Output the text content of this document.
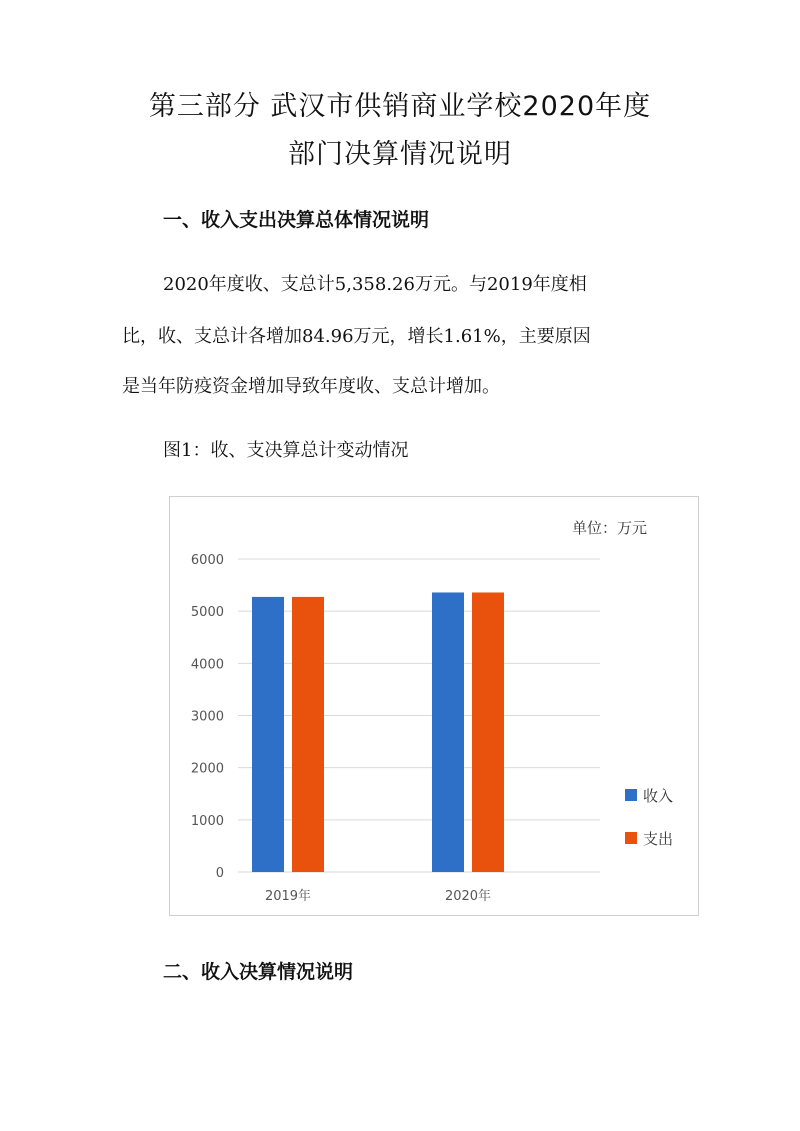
第三部分 武汉市供销商业学校2020年度
部门决算情况说明
一、收入支出决算总体情况说明
2020年度收、支总计5,358.26万元。与2019年度相
比，收、支总计各增加84.96万元，增长1.61%，主要原因
是当年防疫资金增加导致年度收、支总计增加。
图1：收、支决算总计变动情况
单位：万元
0
1000
2000
3000
4000
5000
6000
2019年	2020年
收入
支出
二、收入决算情况说明
